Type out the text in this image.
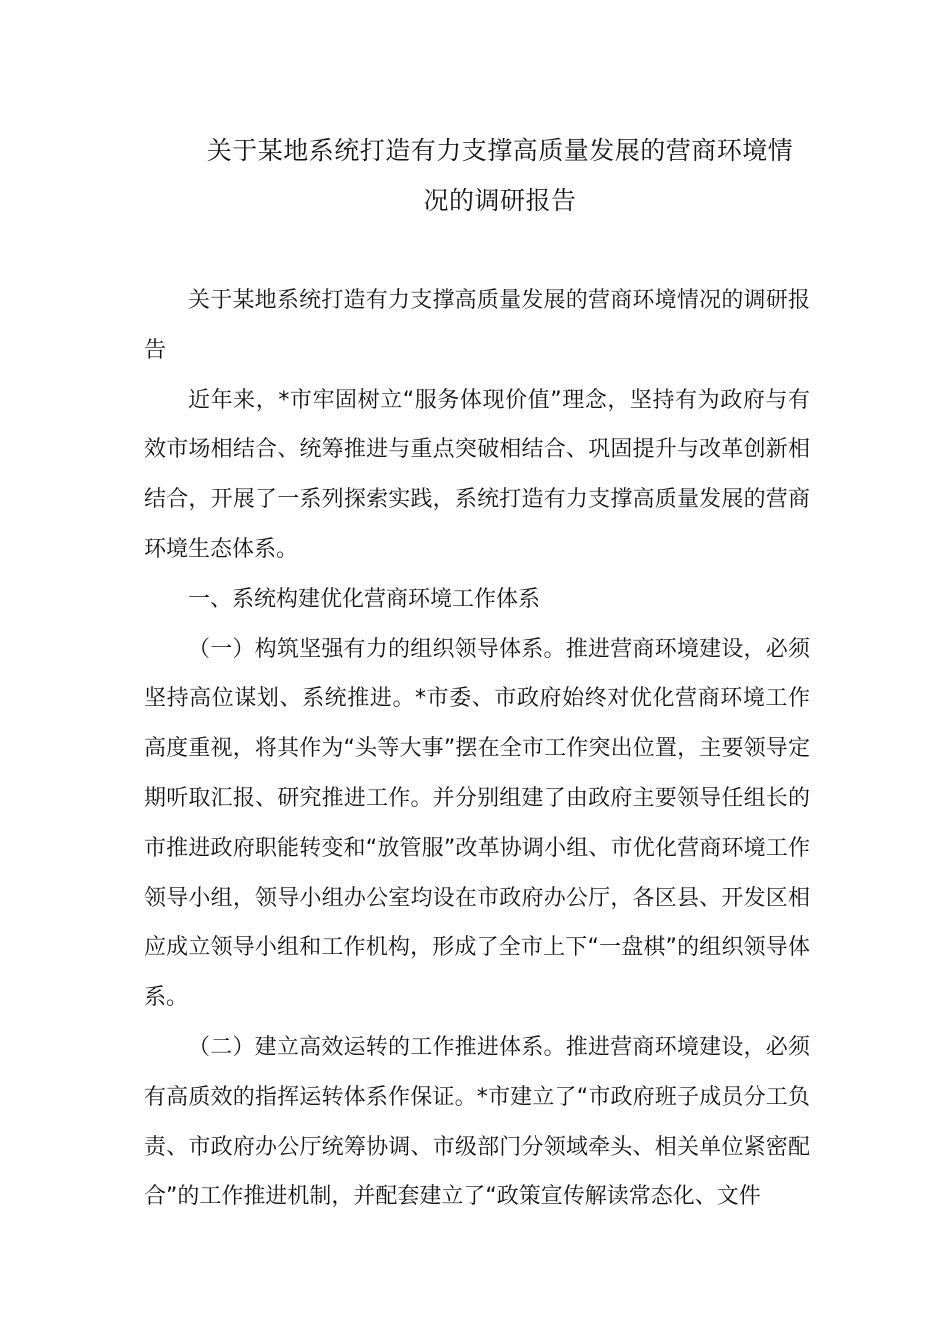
关于某地系统打造有力支撑高质量发展的营商环境情
况的调研报告

关于某地系统打造有力支撑高质量发展的营商环境情况的调研报告

近年来，*市牢固树立“服务体现价值”理念，坚持有为政府与有效市场相结合、统筹推进与重点突破相结合、巩固提升与改革创新相结合，开展了一系列探索实践，系统打造有力支撑高质量发展的营商环境生态体系。

一、系统构建优化营商环境工作体系

（一）构筑坚强有力的组织领导体系。推进营商环境建设，必须坚持高位谋划、系统推进。*市委、市政府始终对优化营商环境工作高度重视，将其作为“头等大事”摆在全市工作突出位置，主要领导定期听取汇报、研究推进工作。并分别组建了由政府主要领导任组长的市推进政府职能转变和“放管服”改革协调小组、市优化营商环境工作领导小组，领导小组办公室均设在市政府办公厅，各区县、开发区相应成立领导小组和工作机构，形成了全市上下“一盘棋”的组织领导体系。

（二）建立高效运转的工作推进体系。推进营商环境建设，必须有高质效的指挥运转体系作保证。*市建立了“市政府班子成员分工负责、市政府办公厅统筹协调、市级部门分领域牵头、相关单位紧密配合”的工作推进机制，并配套建立了“政策宣传解读常态化、文件
